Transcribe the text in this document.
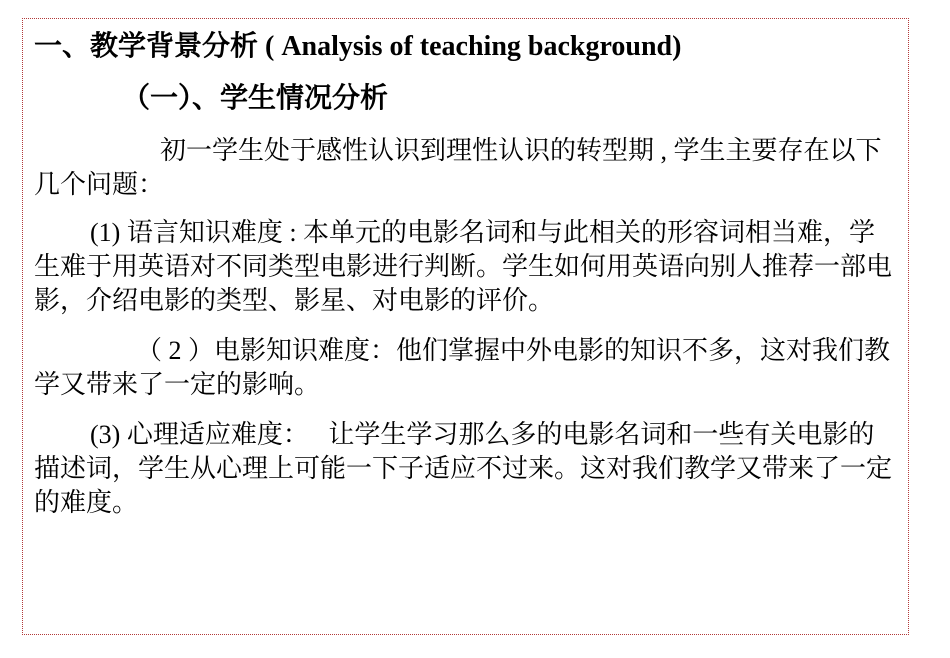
一、教学背景分析 ( Analysis of teaching background)
（一）、学生情况分析

初一学生处于感性认识到理性认识的转型期 , 学生主要存在以下几个问题：

(1) 语言知识难度 : 本单元的电影名词和与此相关的形容词相当难，学生难于用英语对不同类型电影进行判断。学生如何用英语向别人推荐一部电影，介绍电影的类型、影星、对电影的评价。

（ 2 ）电影知识难度：他们掌握中外电影的知识不多，这对我们教学又带来了一定的影响。

(3) 心理适应难度：　 让学生学习那么多的电影名词和一些有关电影的描述词，学生从心理上可能一下子适应不过来。这对我们教学又带来了一定的难度。
